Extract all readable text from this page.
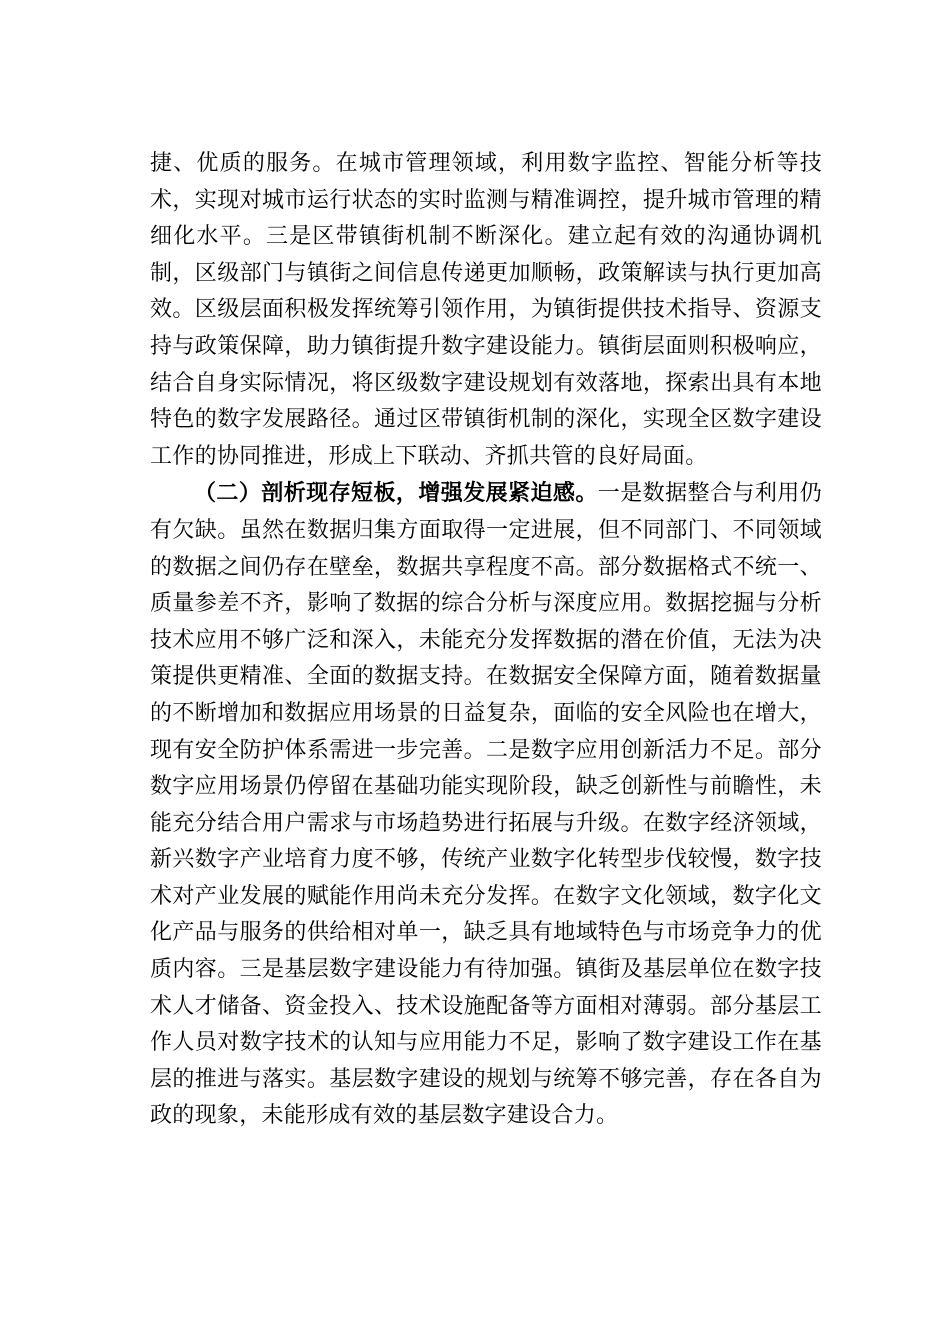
捷、优质的服务。在城市管理领域，利用数字监控、智能分析等技术，实现对城市运行状态的实时监测与精准调控，提升城市管理的精细化水平。三是区带镇街机制不断深化。建立起有效的沟通协调机制，区级部门与镇街之间信息传递更加顺畅，政策解读与执行更加高效。区级层面积极发挥统筹引领作用，为镇街提供技术指导、资源支持与政策保障，助力镇街提升数字建设能力。镇街层面则积极响应，结合自身实际情况，将区级数字建设规划有效落地，探索出具有本地特色的数字发展路径。通过区带镇街机制的深化，实现全区数字建设工作的协同推进，形成上下联动、齐抓共管的良好局面。

（二）剖析现存短板，增强发展紧迫感。一是数据整合与利用仍有欠缺。虽然在数据归集方面取得一定进展，但不同部门、不同领域的数据之间仍存在壁垒，数据共享程度不高。部分数据格式不统一、质量参差不齐，影响了数据的综合分析与深度应用。数据挖掘与分析技术应用不够广泛和深入，未能充分发挥数据的潜在价值，无法为决策提供更精准、全面的数据支持。在数据安全保障方面，随着数据量的不断增加和数据应用场景的日益复杂，面临的安全风险也在增大，现有安全防护体系需进一步完善。二是数字应用创新活力不足。部分数字应用场景仍停留在基础功能实现阶段，缺乏创新性与前瞻性，未能充分结合用户需求与市场趋势进行拓展与升级。在数字经济领域，新兴数字产业培育力度不够，传统产业数字化转型步伐较慢，数字技术对产业发展的赋能作用尚未充分发挥。在数字文化领域，数字化文化产品与服务的供给相对单一，缺乏具有地域特色与市场竞争力的优质内容。三是基层数字建设能力有待加强。镇街及基层单位在数字技术人才储备、资金投入、技术设施配备等方面相对薄弱。部分基层工作人员对数字技术的认知与应用能力不足，影响了数字建设工作在基层的推进与落实。基层数字建设的规划与统筹不够完善，存在各自为政的现象，未能形成有效的基层数字建设合力。
